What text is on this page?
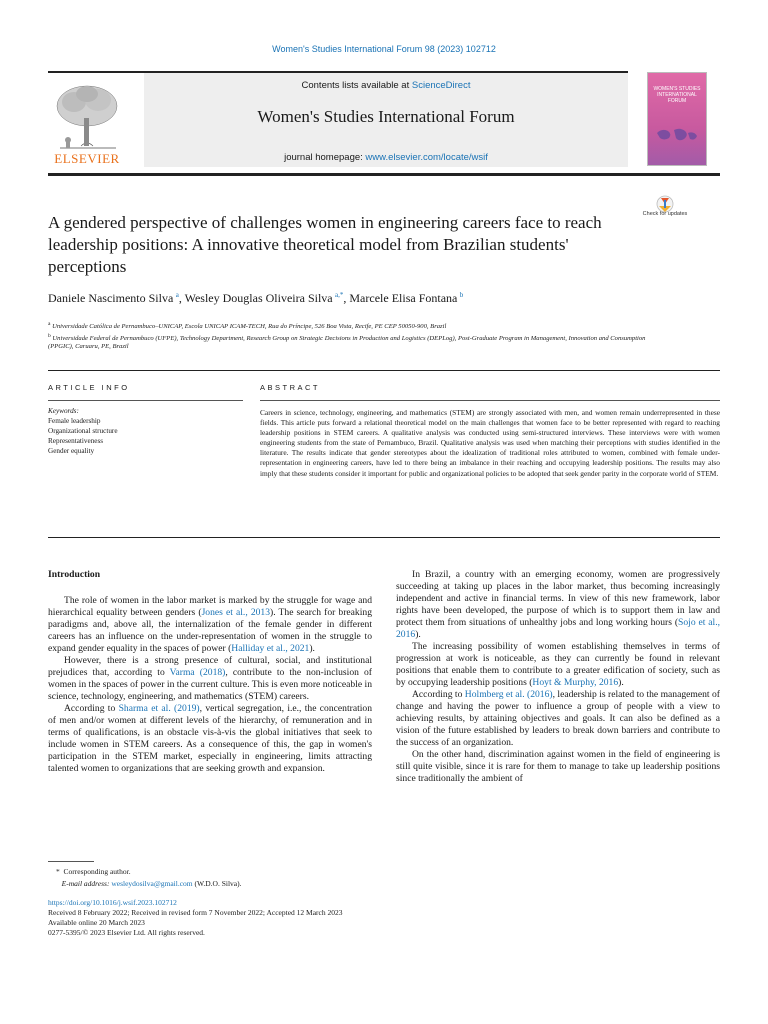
Women's Studies International Forum 98 (2023) 102712
ELSEVIER
Contents lists available at ScienceDirect
Women's Studies International Forum
journal homepage: www.elsevier.com/locate/wsif
WOMEN'S STUDIES INTERNATIONAL FORUM
A gendered perspective of challenges women in engineering careers face to reach leadership positions: A innovative theoretical model from Brazilian students' perceptions
Check for updates
Daniele Nascimento Silva  $^a$, Wesley Douglas Oliveira Silva  $^{a,*}$, Marcele Elisa Fontana  $^b$
$^a$ Universidade Católica de Pernambuco–UNICAP, Escola UNICAP ICAM-TECH, Rua do Príncipe, 526 Boa Vista, Recife, PE CEP 50050-900, Brazil
$^b$ Universidade Federal de Pernambuco (UFPE), Technology Department, Research Group on Strategic Decisions in Production and Logistics (DEPLog), Post-Graduate Program in Management, Innovation and Consumption (PPGIC), Caruaru, PE, Brazil
ARTICLE INFO	ABSTRACT
Keywords:
Female leadership
Organizational structure
Representativeness
Gender equality
Careers in science, technology, engineering, and mathematics (STEM) are strongly associated with men, and women remain underrepresented in these fields. This article puts forward a relational theoretical model on the main challenges that women face to be better represented with regard to reaching leadership positions in STEM careers. A qualitative analysis was conducted using semi-structured interviews. These interviews were with women engineering students from the state of Pernambuco, Brazil. Qualitative analysis was used when matching their perceptions with studies identified in the literature. The results indicate that gender stereotypes about the idealization of traditional roles attributed to women, combined with female under-representation in engineering careers, have led to there being an imbalance in their reaching and occupying leadership positions. The results may also imply that these students consider it important for public and organizational policies to be adopted that seek gender parity in the corporate world of STEM.

Introduction

The role of women in the labor market is marked by the struggle for wage and hierarchical equality between genders (Jones et al., 2013). The search for breaking paradigms and, above all, the internalization of the female gender in different careers has an influence on the under-representation of women in the struggle to expand gender equality in the spaces of power (Halliday et al., 2021).

However, there is a strong presence of cultural, social, and institutional prejudices that, according to Varma (2018), contribute to the non-inclusion of women in the spaces of power in the current culture. This is even more noticeable in science, technology, engineering, and mathematics (STEM) careers.

According to Sharma et al. (2019), vertical segregation, i.e., the concentration of men and/or women at different levels of the hierarchy, of remuneration and in terms of qualifications, is an obstacle vis-à-vis the global initiatives that seek to include women in STEM careers. As a consequence of this, the gap in women's participation in the STEM market, especially in engineering, limits attracting talented women to organizations that are seeking growth and expansion.

In Brazil, a country with an emerging economy, women are progressively succeeding at taking up places in the labor market, thus becoming increasingly independent and active in financial terms. In view of this new framework, labor rights have been developed, the purpose of which is to support them in law and protect them from situations of unhealthy jobs and long working hours (Sojo et al., 2016).

The increasing possibility of women establishing themselves in terms of progression at work is noticeable, as they can currently be found in relevant positions that enable them to contribute to a greater edification of society, such as by occupying leadership positions (Hoyt & Murphy, 2016).

According to Holmberg et al. (2016), leadership is related to the management of change and having the power to influence a group of people with a view to achieving results, by attaining objectives and goals. It can also be defined as a vision of the future established by leaders to break down barriers and contribute to the success of an organization.

On the other hand, discrimination against women in the field of engineering is still quite visible, since it is rare for them to manage to take up leadership positions since traditionally the ambient of

*  Corresponding author.
E-mail address: wesleydosilva@gmail.com (W.D.O. Silva).
https://doi.org/10.1016/j.wsif.2023.102712
Received 8 February 2022; Received in revised form 7 November 2022; Accepted 12 March 2023
Available online 20 March 2023
0277-5395/© 2023 Elsevier Ltd. All rights reserved.
